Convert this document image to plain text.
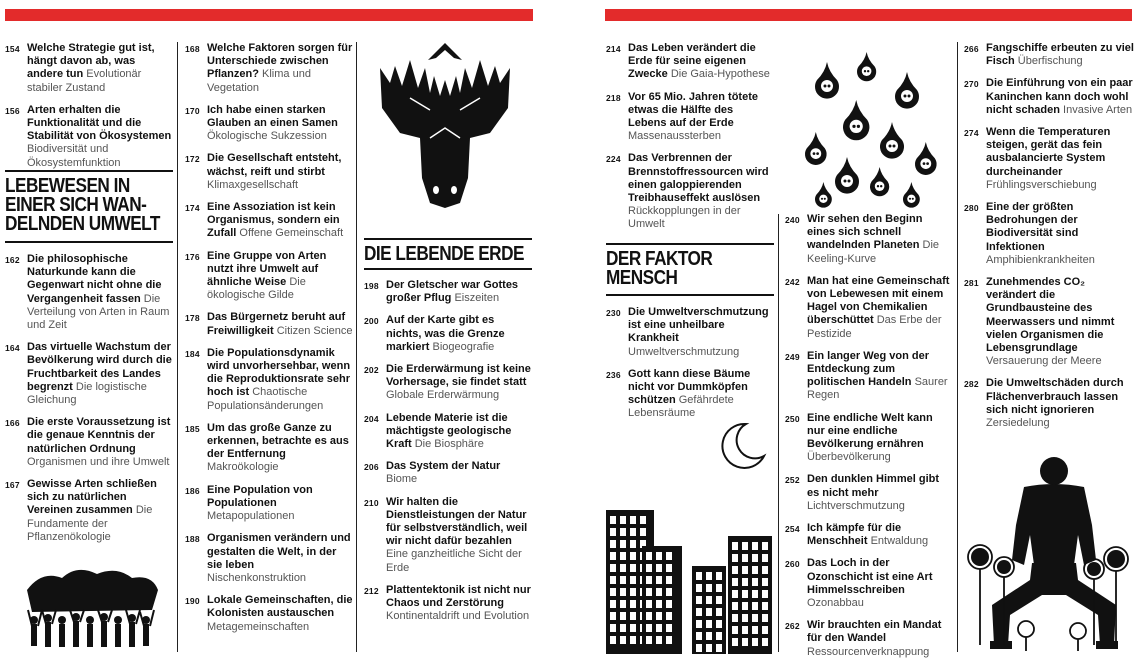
154 Welche Strategie gut ist, hängt davon ab, was andere tun Evolutionär stabiler Zustand
156 Arten erhalten die Funktionalität und die Stabilität von Ökosystemen Biodiversität und Ökosystemfunktion
162 Die philosophische Naturkunde kann die Gegenwart nicht ohne die Vergangenheit fassen Die Verteilung von Arten in Raum und Zeit
164 Das virtuelle Wachstum der Bevölkerung wird durch die Fruchtbarkeit des Landes begrenzt Die logistische Gleichung
166 Die erste Voraussetzung ist die genaue Kenntnis der natürlichen Ordnung Organismen und ihre Umwelt
167 Gewisse Arten schließen sich zu natürlichen Vereinen zusammen Die Fundamente der Pflanzenökologie
168 Welche Faktoren sorgen für Unterschiede zwischen Pflanzen? Klima und Vegetation
170 Ich habe einen starken Glauben an einen Samen Ökologische Sukzession
172 Die Gesellschaft entsteht, wächst, reift und stirbt Klimaxgesellschaft
174 Eine Assoziation ist kein Organismus, sondern ein Zufall Offene Gemeinschaft
176 Eine Gruppe von Arten nutzt ihre Umwelt auf ähnliche Weise Die ökologische Gilde
178 Das Bürgernetz beruht auf Freiwilligkeit Citizen Science
184 Die Populationsdynamik wird unvorhersehbar, wenn die Reproduktionsrate sehr hoch ist Chaotische Populationsänderungen
185 Um das große Ganze zu erkennen, betrachte es aus der Entfernung Makroökologie
186 Eine Population von Populationen Metapopulationen
188 Organismen verändern und gestalten die Welt, in der sie leben Nischenkonstruktion
190 Lokale Gemeinschaften, die Kolonisten austauschen Metagemeinschaften
198 Der Gletscher war Gottes großer Pflug Eiszeiten
200 Auf der Karte gibt es nichts, was die Grenze markiert Biogeografie
202 Die Erderwärmung ist keine Vorhersage, sie findet statt Globale Erderwärmung
204 Lebende Materie ist die mächtigste geologische Kraft Die Biosphäre
206 Das System der Natur Biome
210 Wir halten die Dienstleistungen der Natur für selbstverständlich, weil wir nicht dafür bezahlen Eine ganzheitliche Sicht der Erde
212 Plattentektonik ist nicht nur Chaos und Zerstörung Kontinentaldrift und Evolution
214 Das Leben verändert die Erde für seine eigenen Zwecke Die Gaia-Hypothese
218 Vor 65 Mio. Jahren tötete etwas die Hälfte des Lebens auf der Erde Massenaussterben
224 Das Verbrennen der Brennstoffressourcen wird einen galoppierenden Treibhauseffekt auslösen Rückkopplungen in der Umwelt
230 Die Umweltverschmutzung ist eine unheilbare Krankheit Umweltverschmutzung
236 Gott kann diese Bäume nicht vor Dummköpfen schützen Gefährdete Lebensräume
240 Wir sehen den Beginn eines sich schnell wandelnden Planeten Die Keeling-Kurve
242 Man hat eine Gemeinschaft von Lebewesen mit einem Hagel von Chemikalien überschüttet Das Erbe der Pestizide
249 Ein langer Weg von der Entdeckung zum politischen Handeln Saurer Regen
250 Eine endliche Welt kann nur eine endliche Bevölkerung ernähren Überbevölkerung
252 Den dunklen Himmel gibt es nicht mehr Lichtverschmutzung
254 Ich kämpfe für die Menschheit Entwaldung
260 Das Loch in der Ozonschicht ist eine Art Himmelsschreiben Ozonabbau
262 Wir brauchten ein Mandat für den Wandel Ressourcenverknappung
266 Fangschiffe erbeuten zu viel Fisch Überfischung
270 Die Einführung von ein paar Kaninchen kann doch wohl nicht schaden Invasive Arten
274 Wenn die Temperaturen steigen, gerät das fein ausbalancierte System durcheinander Frühlingsverschiebung
280 Eine der größten Bedrohungen der Biodiversität sind Infektionen Amphibienkrankheiten
281 Zunehmendes CO₂ verändert die Grundbausteine des Meerwassers und nimmt vielen Organismen die Lebensgrundlage Versauerung der Meere
282 Die Umweltschäden durch Flächenverbrauch lassen sich nicht ignorieren Zersiedelung
LEBEWESEN IN
EINER SICH WAN-
DELNDEN UMWELT
DIE LEBENDE ERDE	DER FAKTOR
MENSCH
